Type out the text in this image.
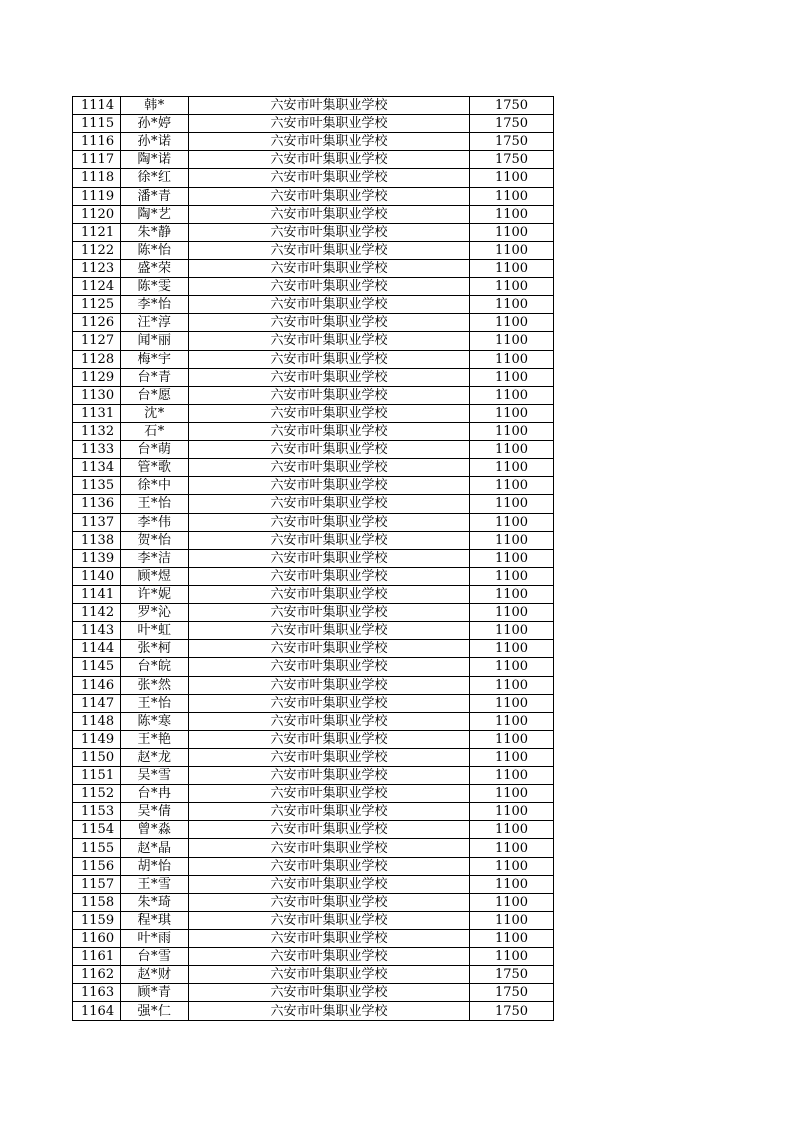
1114	韩*	六安市叶集职业学校	1750
1115	孙*婷	六安市叶集职业学校	1750
1116	孙*诺	六安市叶集职业学校	1750
1117	陶*诺	六安市叶集职业学校	1750
1118	徐*红	六安市叶集职业学校	1100
1119	潘*青	六安市叶集职业学校	1100
1120	陶*艺	六安市叶集职业学校	1100
1121	朱*静	六安市叶集职业学校	1100
1122	陈*怡	六安市叶集职业学校	1100
1123	盛*荣	六安市叶集职业学校	1100
1124	陈*雯	六安市叶集职业学校	1100
1125	李*怡	六安市叶集职业学校	1100
1126	汪*淳	六安市叶集职业学校	1100
1127	闻*丽	六安市叶集职业学校	1100
1128	梅*宇	六安市叶集职业学校	1100
1129	台*青	六安市叶集职业学校	1100
1130	台*愿	六安市叶集职业学校	1100
1131	沈*	六安市叶集职业学校	1100
1132	石*	六安市叶集职业学校	1100
1133	台*萌	六安市叶集职业学校	1100
1134	管*歌	六安市叶集职业学校	1100
1135	徐*中	六安市叶集职业学校	1100
1136	王*怡	六安市叶集职业学校	1100
1137	李*伟	六安市叶集职业学校	1100
1138	贺*怡	六安市叶集职业学校	1100
1139	李*洁	六安市叶集职业学校	1100
1140	顾*煜	六安市叶集职业学校	1100
1141	许*妮	六安市叶集职业学校	1100
1142	罗*沁	六安市叶集职业学校	1100
1143	叶*虹	六安市叶集职业学校	1100
1144	张*柯	六安市叶集职业学校	1100
1145	台*皖	六安市叶集职业学校	1100
1146	张*然	六安市叶集职业学校	1100
1147	王*怡	六安市叶集职业学校	1100
1148	陈*寒	六安市叶集职业学校	1100
1149	王*艳	六安市叶集职业学校	1100
1150	赵*龙	六安市叶集职业学校	1100
1151	吴*雪	六安市叶集职业学校	1100
1152	台*冉	六安市叶集职业学校	1100
1153	吴*倩	六安市叶集职业学校	1100
1154	曾*淼	六安市叶集职业学校	1100
1155	赵*晶	六安市叶集职业学校	1100
1156	胡*怡	六安市叶集职业学校	1100
1157	王*雪	六安市叶集职业学校	1100
1158	朱*琦	六安市叶集职业学校	1100
1159	程*琪	六安市叶集职业学校	1100
1160	叶*雨	六安市叶集职业学校	1100
1161	台*雪	六安市叶集职业学校	1100
1162	赵*财	六安市叶集职业学校	1750
1163	顾*青	六安市叶集职业学校	1750
1164	强*仁	六安市叶集职业学校	1750
